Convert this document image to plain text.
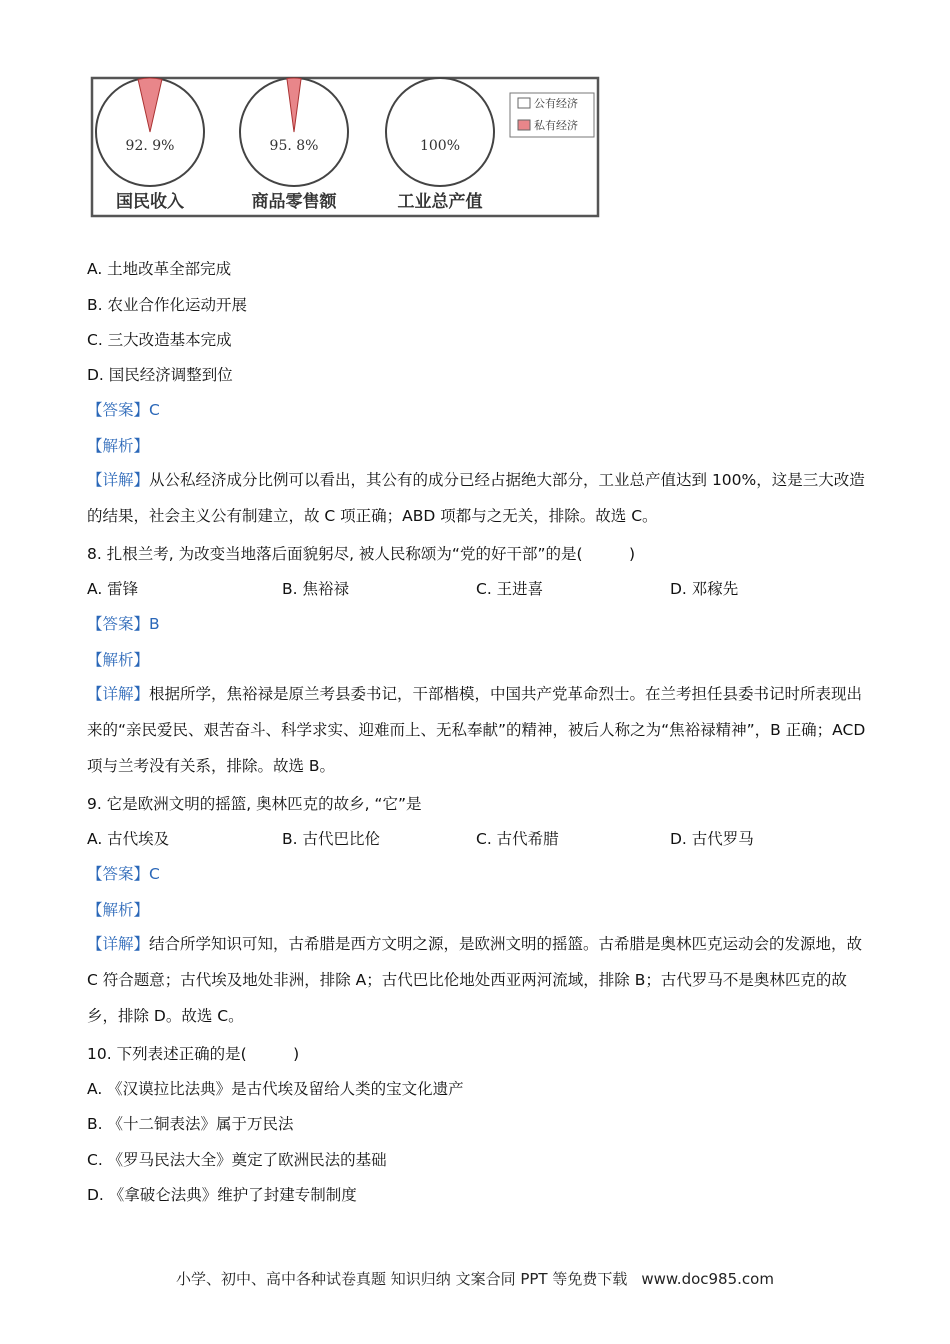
92. 9%
国民收入
95. 8%
商品零售额
100%
工业总产值
公有经济
私有经济
A. 土地改革全部完成
B. 农业合作化运动开展
C. 三大改造基本完成
D. 国民经济调整到位
【答案】C
【解析】
【详解】从公私经济成分比例可以看出，其公有的成分已经占据绝大部分，工业总产值达到 100%，这是三大改造的结果，社会主义公有制建立，故 C 项正确；ABD 项都与之无关，排除。故选 C。
8. 扎根兰考, 为改变当地落后面貌躬尽, 被人民称颂为“党的好干部”的是(　　　)
A. 雷锋	B. 焦裕禄	C. 王进喜	D. 邓稼先
【答案】B
【解析】
【详解】根据所学，焦裕禄是原兰考县委书记，干部楷模，中国共产党革命烈士。在兰考担任县委书记时所表现出来的“亲民爱民、艰苦奋斗、科学求实、迎难而上、无私奉献”的精神，被后人称之为“焦裕禄精神”，B 正确；ACD 项与兰考没有关系，排除。故选 B。
9. 它是欧洲文明的摇篮, 奥林匹克的故乡, “它”是
A. 古代埃及	B. 古代巴比伦	C. 古代希腊	D. 古代罗马
【答案】C
【解析】
【详解】结合所学知识可知，古希腊是西方文明之源，是欧洲文明的摇篮。古希腊是奥林匹克运动会的发源地，故 C 符合题意；古代埃及地处非洲，排除 A；古代巴比伦地处西亚两河流域，排除 B；古代罗马不是奥林匹克的故乡，排除 D。故选 C。
10. 下列表述正确的是(　　　)
A. 《汉谟拉比法典》是古代埃及留给人类的宝文化遗产
B. 《十二铜表法》属于万民法
C. 《罗马民法大全》奠定了欧洲民法的基础
D. 《拿破仑法典》维护了封建专制制度
小学、初中、高中各种试卷真题 知识归纳 文案合同 PPT 等免费下载 www.doc985.com
